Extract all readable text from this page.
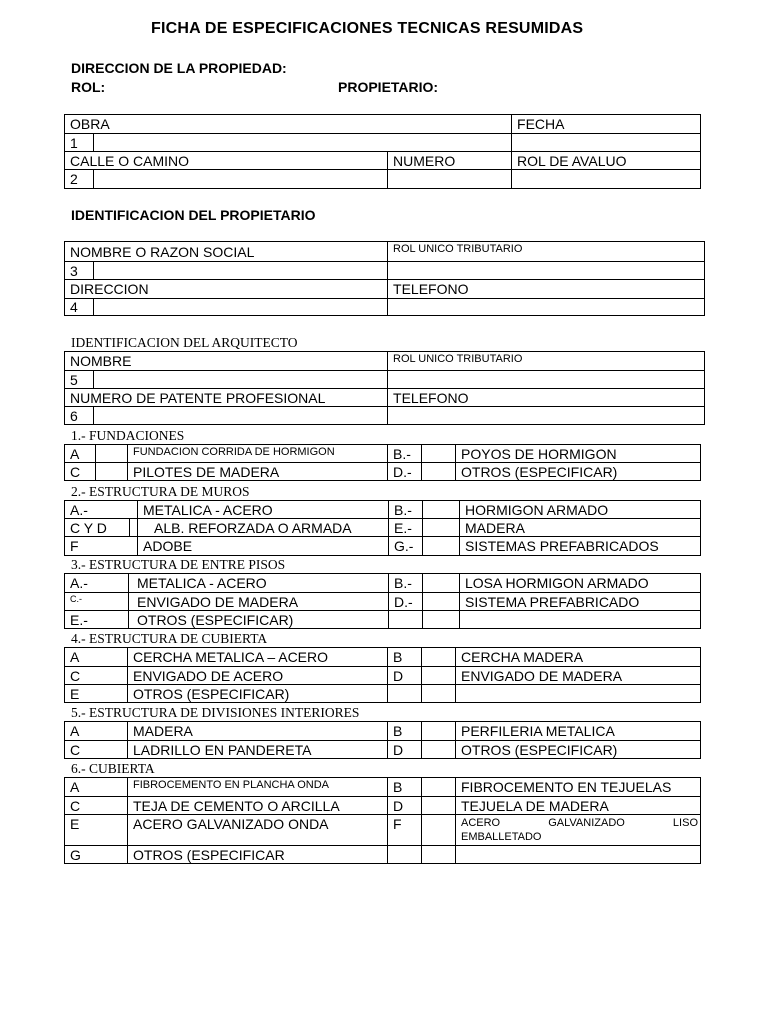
FICHA DE ESPECIFICACIONES TECNICAS RESUMIDAS
DIRECCION DE LA PROPIEDAD:
ROL:	PROPIETARIO:
OBRA			FECHA
1			
CALLE O CAMINO		NUMERO	ROL DE AVALUO
2			
IDENTIFICACION DEL PROPIETARIO
NOMBRE O RAZON SOCIAL		ROL UNICO TRIBUTARIO
3		
DIRECCION		TELEFONO
4		
IDENTIFICACION DEL ARQUITECTO
NOMBRE		ROL UNICO TRIBUTARIO
5		
NUMERO DE PATENTE PROFESIONAL		TELEFONO
6		
1.- FUNDACIONES
A		FUNDACION CORRIDA DE HORMIGON	B.-		POYOS DE HORMIGON
C		PILOTES DE MADERA	D.-		OTROS (ESPECIFICAR)
2.- ESTRUCTURA DE MUROS
A.-		METALICA - ACERO	B.-		HORMIGON ARMADO
C Y D		ALB. REFORZADA O ARMADA	E.-		MADERA
F		ADOBE	G.-		SISTEMAS PREFABRICADOS
3.- ESTRUCTURA DE ENTRE PISOS
A.-	METALICA - ACERO	B.-		LOSA HORMIGON ARMADO
C.-	ENVIGADO DE MADERA	D.-		SISTEMA PREFABRICADO
E.-	OTROS (ESPECIFICAR)			
4.- ESTRUCTURA DE CUBIERTA
A	CERCHA METALICA – ACERO	B		CERCHA MADERA
C	ENVIGADO DE ACERO	D		ENVIGADO DE MADERA
E	OTROS (ESPECIFICAR)			
5.- ESTRUCTURA DE DIVISIONES INTERIORES
A	MADERA	B		PERFILERIA METALICA
C	LADRILLO EN PANDERETA	D		OTROS (ESPECIFICAR)
6.- CUBIERTA
A	FIBROCEMENTO EN PLANCHA ONDA	B		FIBROCEMENTO EN TEJUELAS
C	TEJA DE CEMENTO O ARCILLA	D		TEJUELA DE MADERA
E	ACERO GALVANIZADO ONDA	F		ACERO GALVANIZADO LISO
EMBALLETADO
G	OTROS (ESPECIFICAR			
